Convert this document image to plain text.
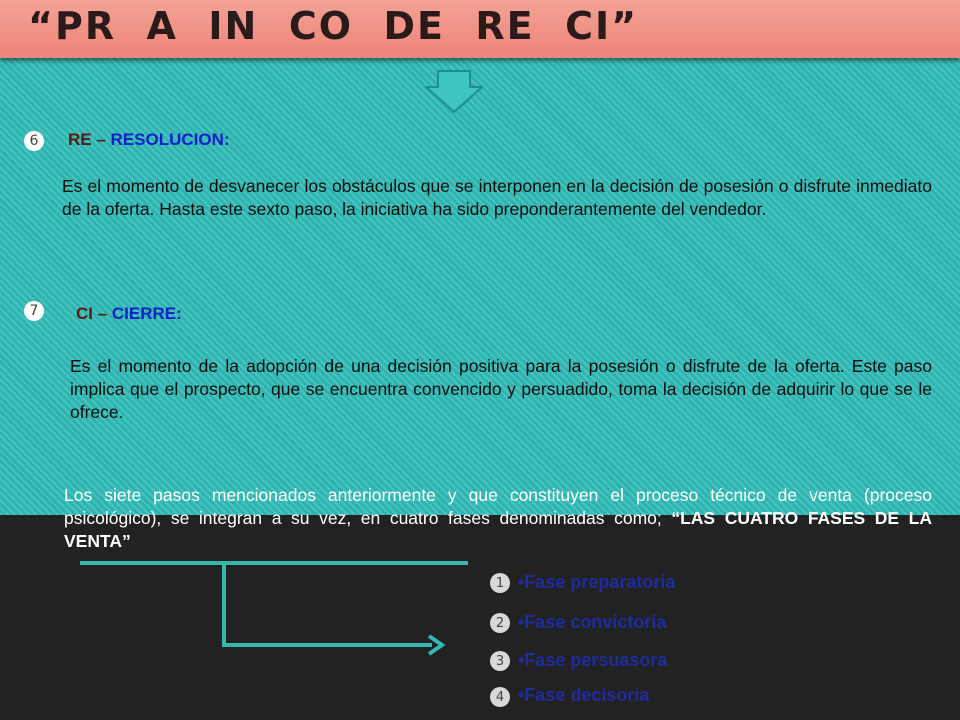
“PR  A  IN  CO  DE  RE  CI”
6	RE – RESOLUCION:
Es el momento de desvanecer los obstáculos que se interponen en la decisión de posesión o disfrute inmediato de la oferta. Hasta este sexto paso, la iniciativa ha sido preponderantemente del vendedor.
7	CI – CIERRE:
Es el momento de la adopción de una decisión positiva para la posesión o disfrute de la oferta. Este paso implica que el prospecto, que se encuentra convencido y persuadido, toma la decisión de adquirir lo que se le ofrece.
Los siete pasos mencionados anteriormente y que constituyen el proceso técnico de venta (proceso psicológico), se integran a su vez, en cuatro fases denominadas como; “LAS CUATRO FASES DE LA VENTA”
1 •Fase preparatoria
2 •Fase convictoria
3 •Fase persuasora
4 •Fase decisoria
